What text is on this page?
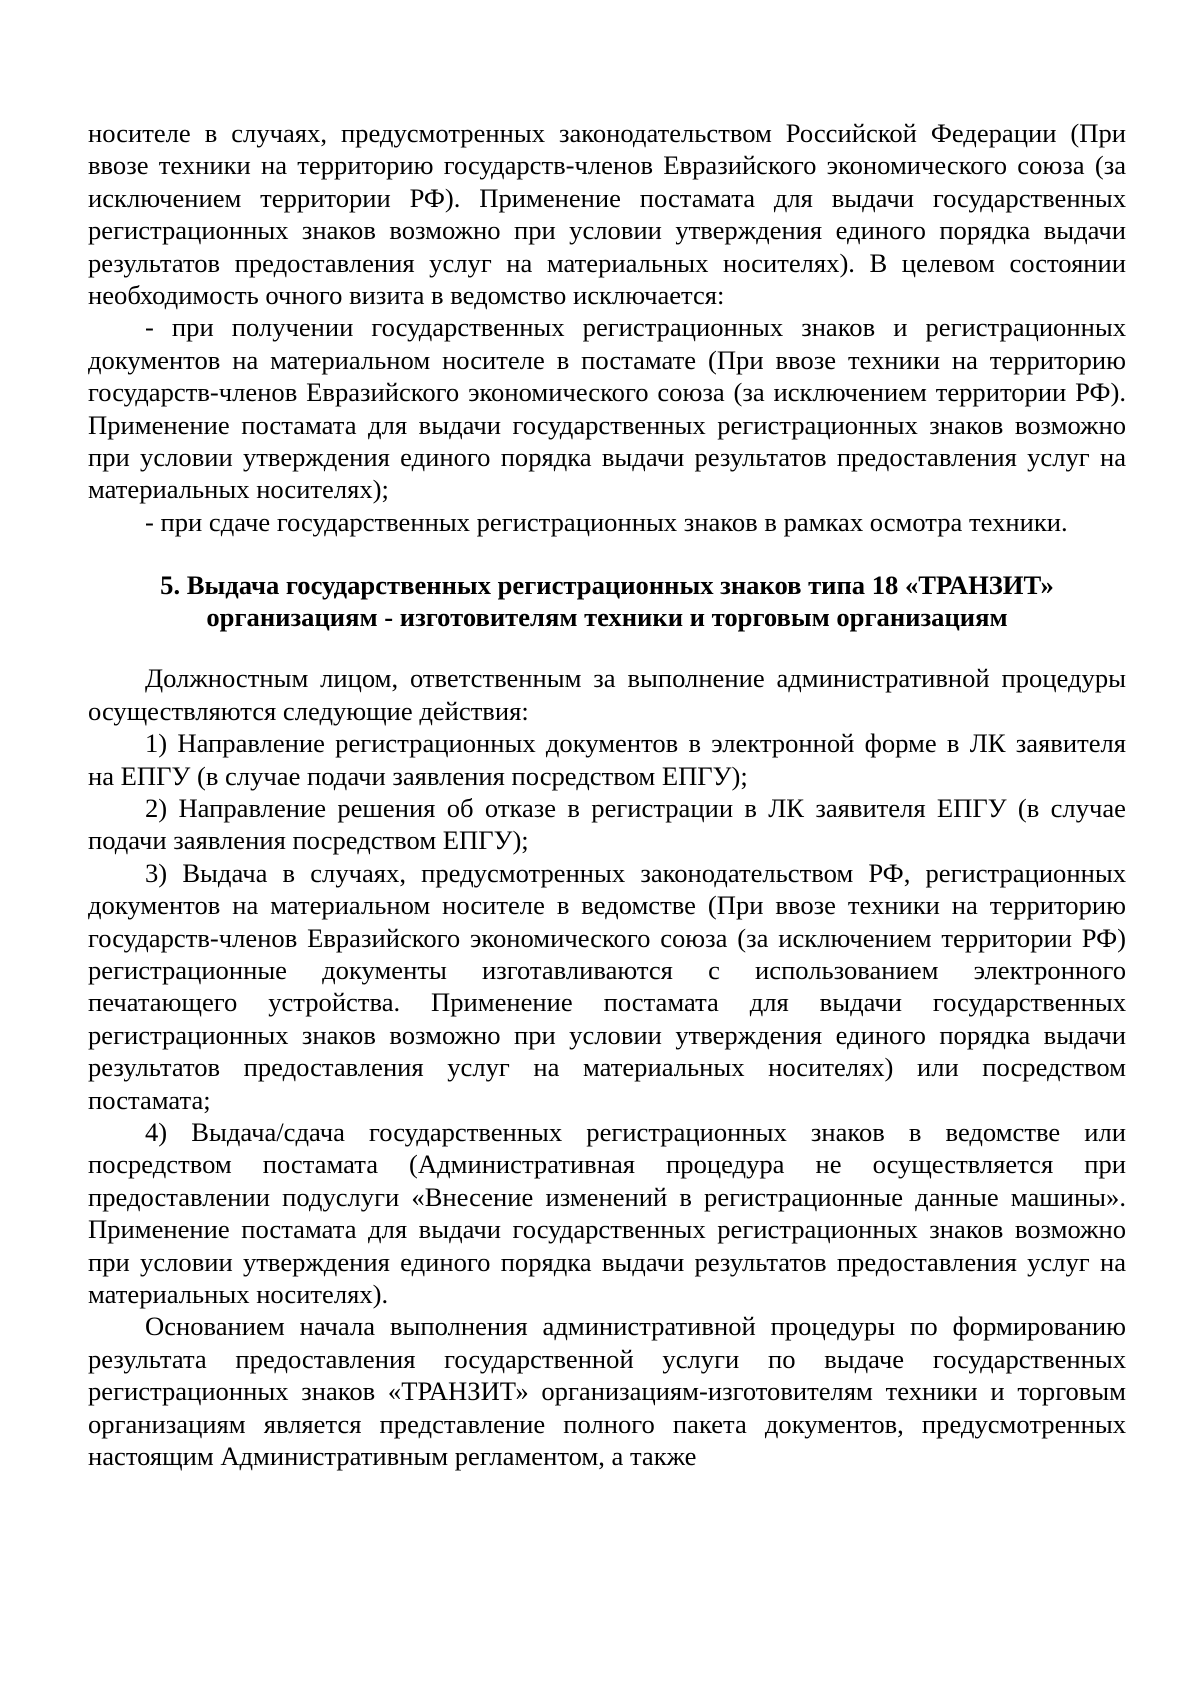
носителе в случаях, предусмотренных законодательством Российской Федерации (При ввозе техники на территорию государств-членов Евразийского экономического союза (за исключением территории РФ). Применение постамата для выдачи государственных регистрационных знаков возможно при условии утверждения единого порядка выдачи результатов предоставления услуг на материальных носителях). В целевом состоянии необходимость очного визита в ведомство исключается:

- при получении государственных регистрационных знаков и регистрационных документов на материальном носителе в постамате (При ввозе техники на территорию государств-членов Евразийского экономического союза (за исключением территории РФ). Применение постамата для выдачи государственных регистрационных знаков возможно при условии утверждения единого порядка выдачи результатов предоставления услуг на материальных носителях);

- при сдаче государственных регистрационных знаков в рамках осмотра техники.

5. Выдача государственных регистрационных знаков типа 18 «ТРАНЗИТ»
организациям - изготовителям техники и торговым организациям

Должностным лицом, ответственным за выполнение административной процедуры осуществляются следующие действия:

1) Направление регистрационных документов в электронной форме в ЛК заявителя на ЕПГУ (в случае подачи заявления посредством ЕПГУ);

2) Направление решения об отказе в регистрации в ЛК заявителя ЕПГУ (в случае подачи заявления посредством ЕПГУ);

3) Выдача в случаях, предусмотренных законодательством РФ, регистрационных документов на материальном носителе в ведомстве (При ввозе техники на территорию государств-членов Евразийского экономического союза (за исключением территории РФ) регистрационные документы изготавливаются с использованием электронного печатающего устройства. Применение постамата для выдачи государственных регистрационных знаков возможно при условии утверждения единого порядка выдачи результатов предоставления услуг на материальных носителях) или посредством постамата;

4) Выдача/сдача государственных регистрационных знаков в ведомстве или посредством постамата (Административная процедура не осуществляется при предоставлении подуслуги «Внесение изменений в регистрационные данные машины». Применение постамата для выдачи государственных регистрационных знаков возможно при условии утверждения единого порядка выдачи результатов предоставления услуг на материальных носителях).

Основанием начала выполнения административной процедуры по формированию результата предоставления государственной услуги по выдаче государственных регистрационных знаков «ТРАНЗИТ» организациям-изготовителям техники и торговым организациям является представление полного пакета документов, предусмотренных настоящим Административным регламентом, а также
